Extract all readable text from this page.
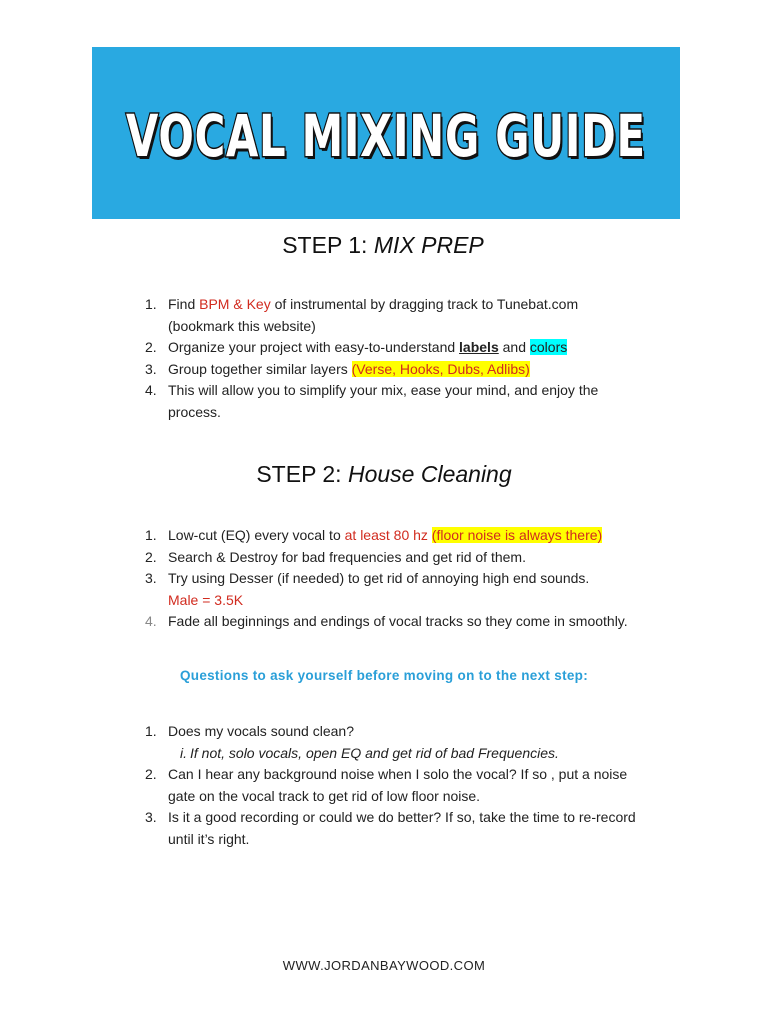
VOCAL MIXING GUIDE
STEP 1: MIX PREP
1. Find BPM & Key of instrumental by dragging track to Tunebat.com
(bookmark this website)
2. Organize your project with easy-to-understand labels and colors
3. Group together similar layers (Verse, Hooks, Dubs, Adlibs)
4. This will allow you to simplify your mix, ease your mind, and enjoy the
process.
STEP 2: House Cleaning
1. Low-cut (EQ) every vocal to at least 80 hz (floor noise is always there)
2. Search & Destroy for bad frequencies and get rid of them.
3. Try using Desser (if needed) to get rid of annoying high end sounds.
Male = 3.5K
4. Fade all beginnings and endings of vocal tracks so they come in smoothly.
Questions to ask yourself before moving on to the next step:
1. Does my vocals sound clean?
i. If not, solo vocals, open EQ and get rid of bad Frequencies.
2. Can I hear any background noise when I solo the vocal? If so , put a noise
gate on the vocal track to get rid of low floor noise.
3. Is it a good recording or could we do better? If so, take the time to re-record
until it’s right.
WWW.JORDANBAYWOOD.COM
